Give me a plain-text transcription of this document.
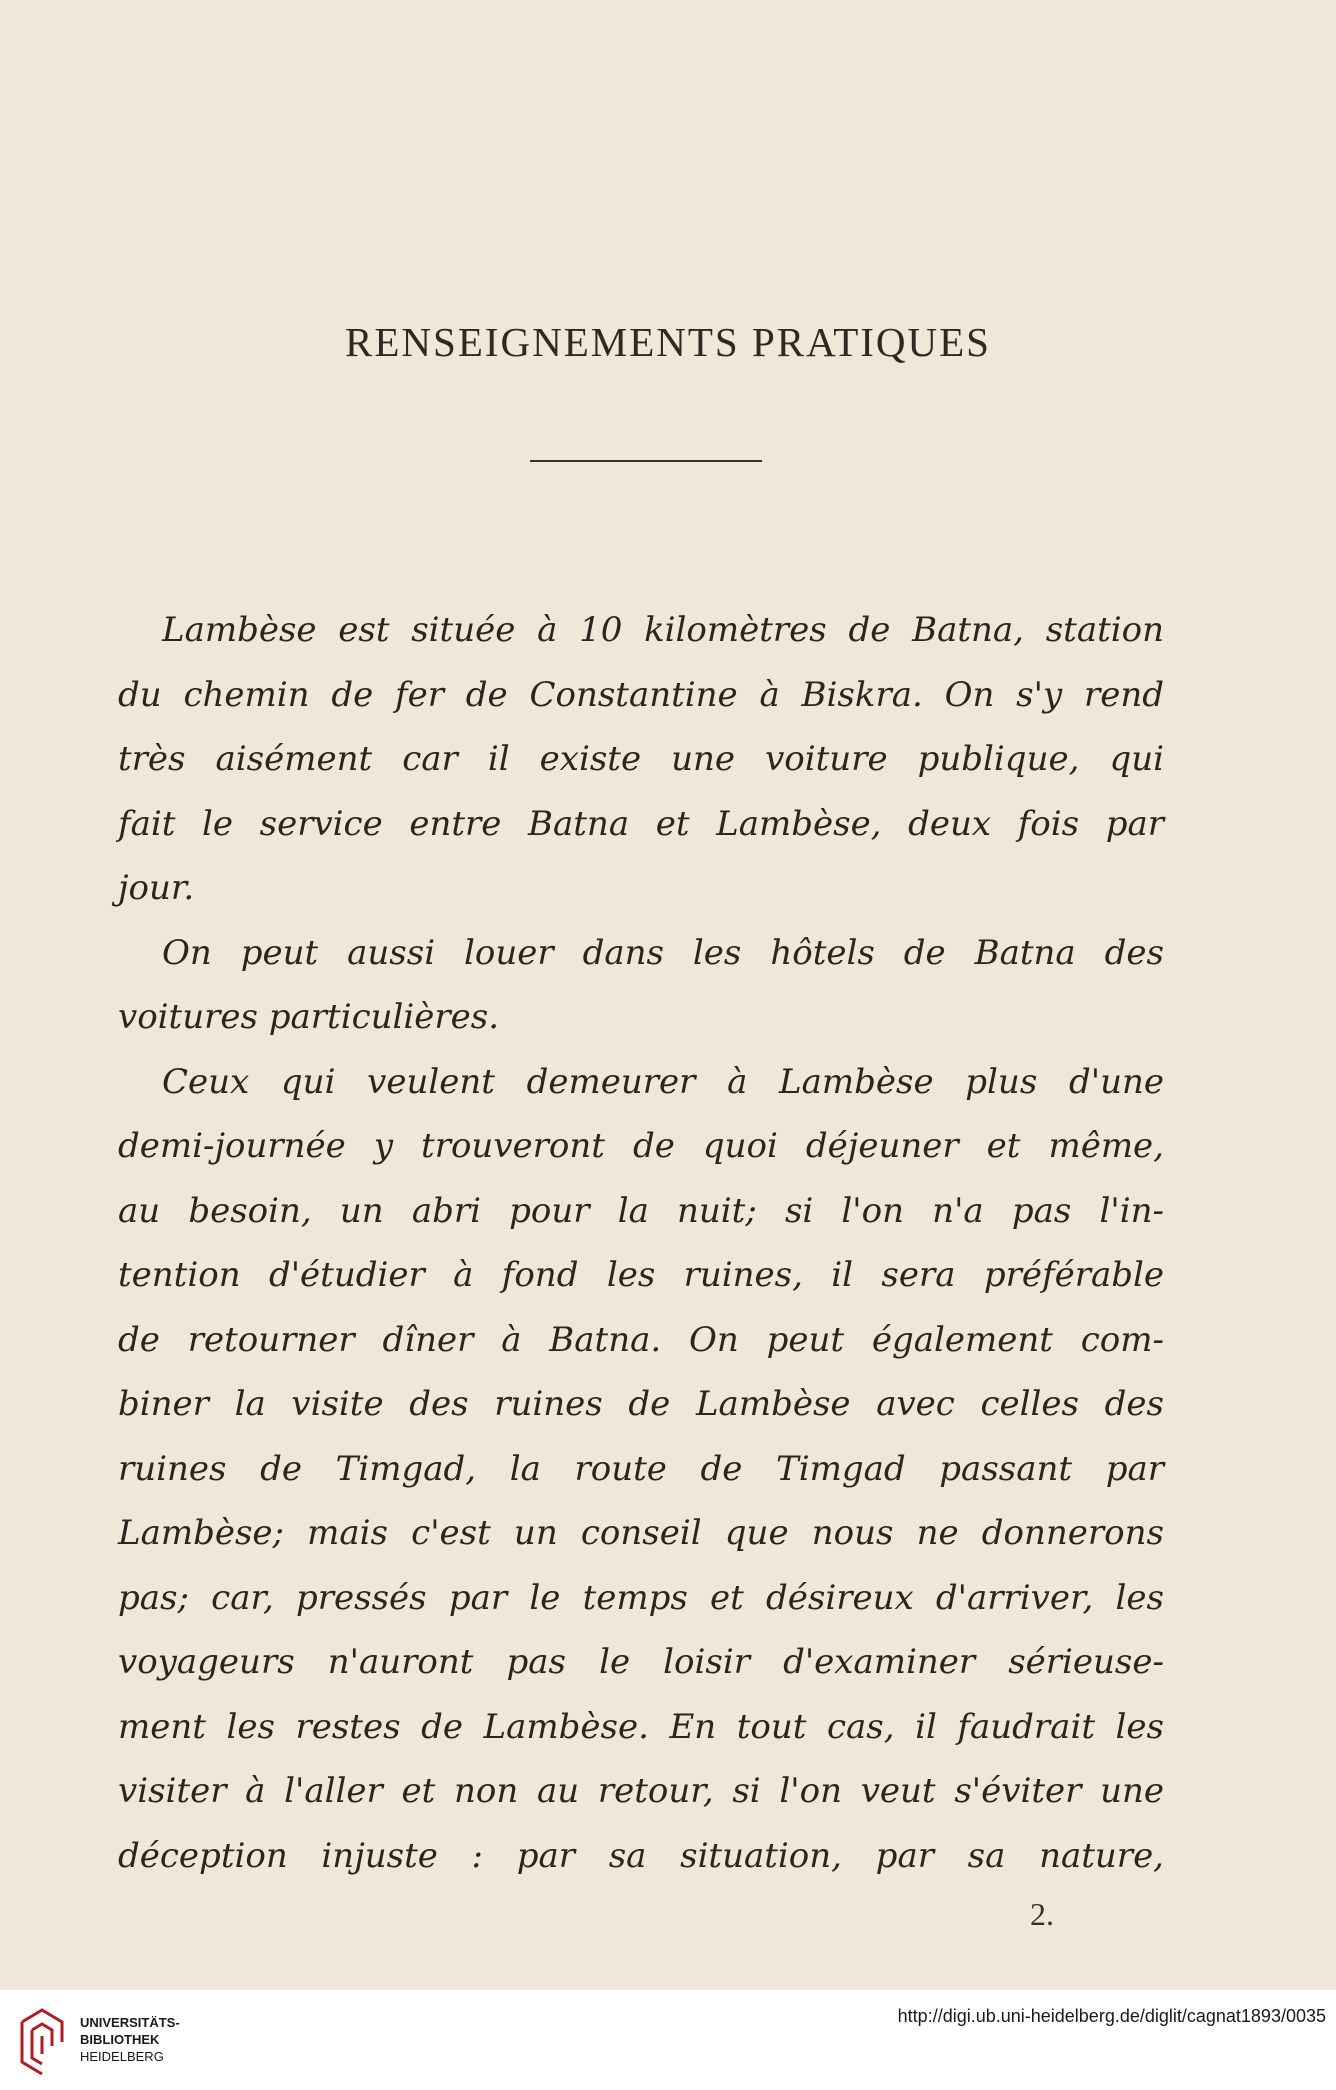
RENSEIGNEMENTS PRATIQUES
Lambèse est située à 10 kilomètres de Batna, station
du chemin de fer de Constantine à Biskra. On s'y rend
très aisément car il existe une voiture publique, qui
fait le service entre Batna et Lambèse, deux fois par
jour.
On peut aussi louer dans les hôtels de Batna des
voitures particulières.
Ceux qui veulent demeurer à Lambèse plus d'une
demi-journée y trouveront de quoi déjeuner et même,
au besoin, un abri pour la nuit; si l'on n'a pas l'in-
tention d'étudier à fond les ruines, il sera préférable
de retourner dîner à Batna. On peut également com-
biner la visite des ruines de Lambèse avec celles des
ruines de Timgad, la route de Timgad passant par
Lambèse; mais c'est un conseil que nous ne donnerons
pas; car, pressés par le temps et désireux d'arriver, les
voyageurs n'auront pas le loisir d'examiner sérieuse-
ment les restes de Lambèse. En tout cas, il faudrait les
visiter à l'aller et non au retour, si l'on veut s'éviter une
déception injuste : par sa situation, par sa nature,
2.
UNIVERSITÄTS-
BIBLIOTHEK
HEIDELBERG
http://digi.ub.uni-heidelberg.de/diglit/cagnat1893/0035
